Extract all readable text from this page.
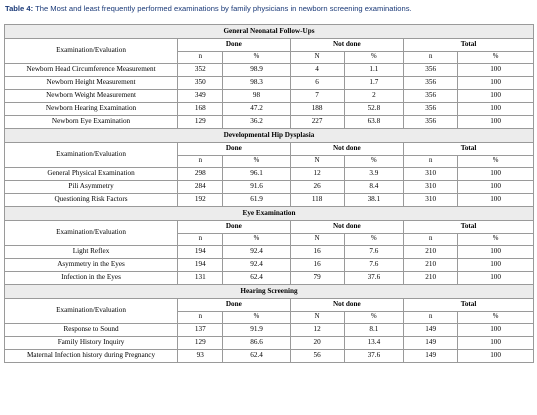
Table 4: The Most and least frequently performed examinations by family physicians in newborn screening examinations.
General Neonatal Follow-Ups						
Examination/Evaluation	Done		Not done		Total	
	n	%	N	%	n	%
Newborn Head Circumference Measurement	352	98.9	4	1.1	356	100
Newborn Height Measurement	350	98.3	6	1.7	356	100
Newborn Weight Measurement	349	98	7	2	356	100
Newborn Hearing Examination	168	47.2	188	52.8	356	100
Newborn Eye Examination	129	36.2	227	63.8	356	100
Developmental Hip Dysplasia						
Examination/Evaluation	Done		Not done		Total	
	n	%	N	%	n	%
General Physical Examination	298	96.1	12	3.9	310	100
Pili Asymmetry	284	91.6	26	8.4	310	100
Questioning Risk Factors	192	61.9	118	38.1	310	100
Eye Examination						
Examination/Evaluation	Done		Not done		Total	
	n	%	N	%	n	%
Light Reflex	194	92.4	16	7.6	210	100
Asymmetry in the Eyes	194	92.4	16	7.6	210	100
Infection in the Eyes	131	62.4	79	37.6	210	100
Hearing Screening						
Examination/Evaluation	Done		Not done		Total	
	n	%	N	%	n	%
Response to Sound	137	91.9	12	8.1	149	100
Family History Inquiry	129	86.6	20	13.4	149	100
Maternal Infection history during Pregnancy	93	62.4	56	37.6	149	100
